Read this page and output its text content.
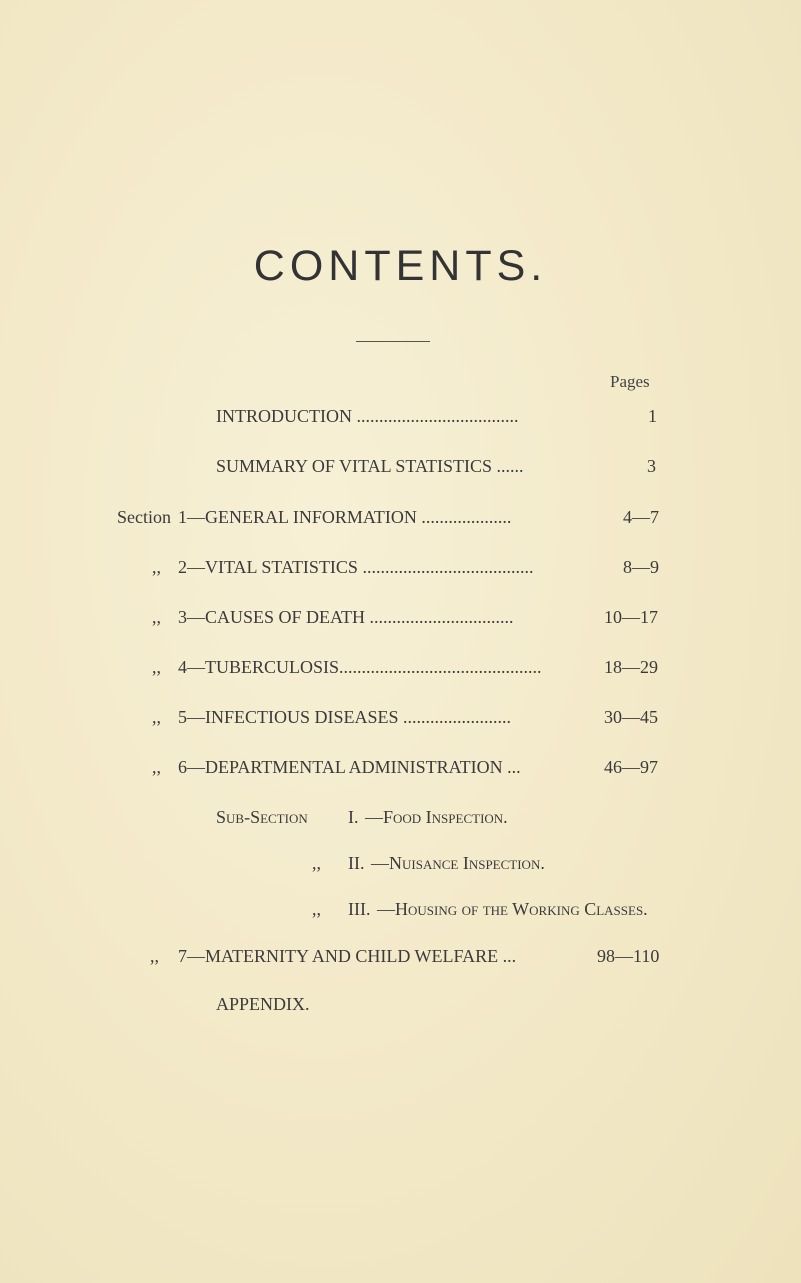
CONTENTS.
Pages
INTRODUCTION ....................................	1
SUMMARY OF VITAL STATISTICS ......	3
Section 1—GENERAL INFORMATION ....................	4—7
,, 2—VITAL STATISTICS ......................................	8—9
,, 3—CAUSES OF DEATH ................................	10—17
,, 4—TUBERCULOSIS.............................................	18—29
,, 5—INFECTIOUS DISEASES ........................	30—45
,, 6—DEPARTMENTAL ADMINISTRATION ...	46—97
Sub-Section I. —Food Inspection.
,, II. —Nuisance Inspection.
,, III. —Housing of the Working Classes.
,, 7—MATERNITY AND CHILD WELFARE ...	98—110
APPENDIX.
